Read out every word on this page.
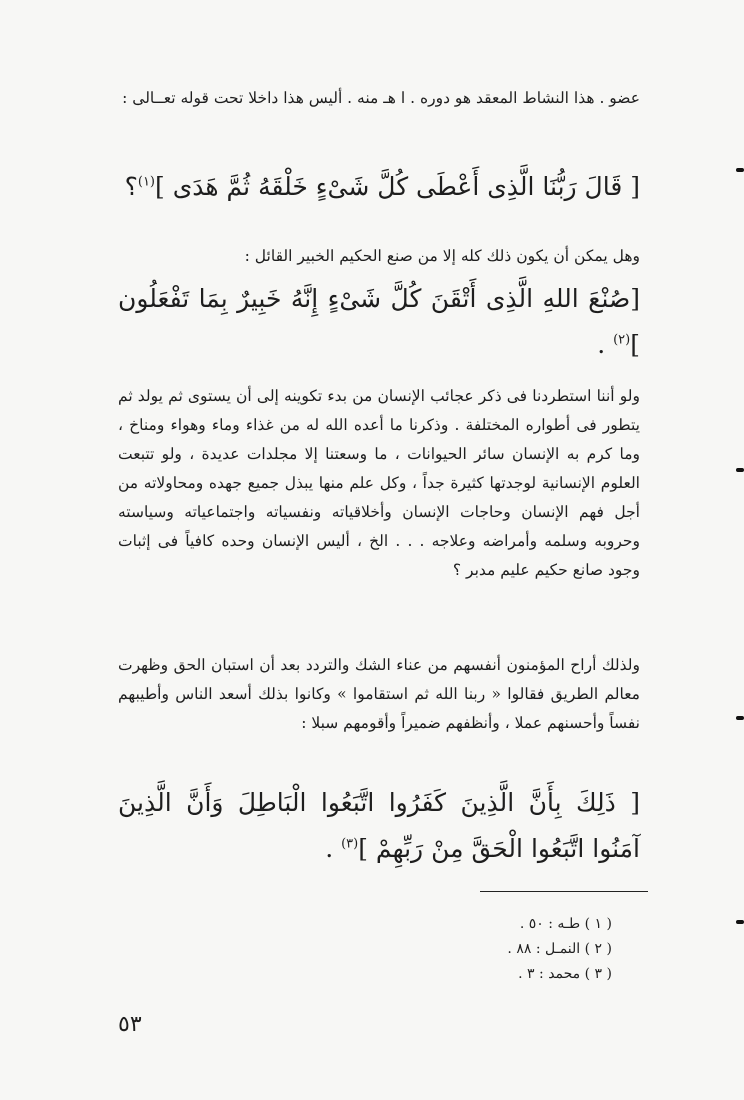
عضو . هذا النشاط المعقد هو دوره . ا هـ منه . أليس هذا داخلا تحت قوله تعــالى :

[ قَالَ رَبُّنَا الَّذِى أَعْطَى كُلَّ شَىْءٍ خَلْقَهُ ثُمَّ هَدَى ]$^{(١)}$؟

وهل يمكن أن يكون ذلك كله إلا من صنع الحكيم الخبير القائل :

[صُنْعَ اللهِ الَّذِى أَتْقَنَ كُلَّ شَىْءٍ إِنَّهُ خَبِيرٌ بِمَا تَفْعَلُون ]$^{(٢)}$ .

ولو أننا استطردنا فى ذكر عجائب الإنسان من بدء تكوينه إلى أن يستوى ثم يولد ثم يتطور فى أطواره المختلفة . وذكرنا ما أعده الله له من غذاء وماء وهواء ومناخ ، وما كرم به الإنسان سائر الحيوانات ، ما وسعتنا إلا مجلدات عديدة ، ولو تتبعت العلوم الإنسانية لوجدتها كثيرة جداً ، وكل علم منها يبذل جميع جهده ومحاولاته من أجل فهم الإنسان وحاجات الإنسان وأخلاقياته ونفسياته واجتماعياته وسياسته وحروبه وسلمه وأمراضه وعلاجه . . . الخ ، أليس الإنسان وحده كافياً فى إثبات وجود صانع حكيم عليم مدبر ؟

ولذلك أراح المؤمنون أنفسهم من عناء الشك والتردد بعد أن استبان الحق وظهرت معالم الطريق فقالوا « ربنا الله ثم استقاموا » وكانوا بذلك أسعد الناس وأطيبهم نفساً وأحسنهم عملا ، وأنظفهم ضميراً وأقومهم سبلا :

[ ذَلِكَ بِأَنَّ الَّذِينَ كَفَرُوا اتَّبَعُوا الْبَاطِلَ وَأَنَّ الَّذِينَ آمَنُوا اتَّبَعُوا الْحَقَّ مِنْ رَبِّهِمْ ]$^{(٣)}$ .

( ١ ) طـه : ٥٠ .
( ٢ ) النمـل : ٨٨ .
( ٣ ) محمد : ٣ .
٥٣
